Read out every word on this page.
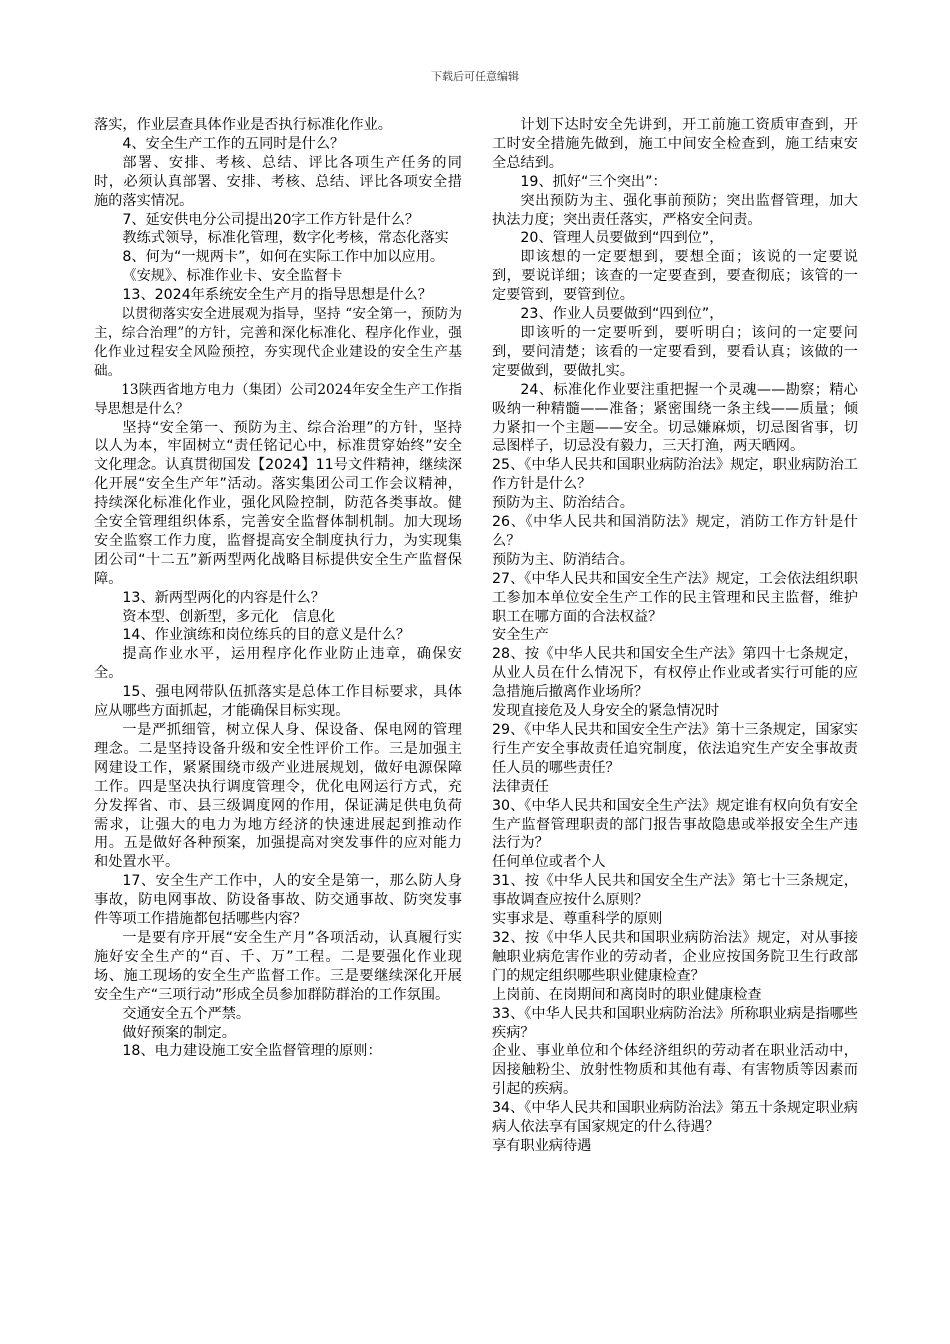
下载后可任意编辑

落实，作业层查具体作业是否执行标准化作业。

4、安全生产工作的五同时是什么？

部署、安排、考核、总结、评比各项生产任务的同时，必须认真部署、安排、考核、总结、评比各项安全措施的落实情况。

7、延安供电分公司提出20字工作方针是什么？

教练式领导，标准化管理，数字化考核，常态化落实

8、何为“一规两卡”，如何在实际工作中加以应用。

《安规》、标准作业卡、安全监督卡

13、2024年系统安全生产月的指导思想是什么？

以贯彻落实安全进展观为指导，坚持 “安全第一，预防为主，综合治理”的方针，完善和深化标准化、程序化作业，强化作业过程安全风险预控，夯实现代企业建设的安全生产基础。

13陕西省地方电力（集团）公司2024年安全生产工作指导思想是什么？

坚持“安全第一、预防为主、综合治理”的方针，坚持以人为本，牢固树立“责任铭记心中，标准贯穿始终”安全文化理念。认真贯彻国发【2024】11号文件精神，继续深化开展“安全生产年”活动。落实集团公司工作会议精神，持续深化标准化作业，强化风险控制，防范各类事故。健全安全管理组织体系，完善安全监督体制机制。加大现场安全监察工作力度，监督提高安全制度执行力，为实现集团公司“十二五”新两型两化战略目标提供安全生产监督保障。

13、新两型两化的内容是什么？

资本型、创新型，多元化　信息化

14、作业演练和岗位练兵的目的意义是什么？

提高作业水平，运用程序化作业防止违章，确保安全。

15、强电网带队伍抓落实是总体工作目标要求，具体应从哪些方面抓起，才能确保目标实现。

一是严抓细管，树立保人身、保设备、保电网的管理理念。二是坚持设备升级和安全性评价工作。三是加强主网建设工作，紧紧围绕市级产业进展规划，做好电源保障工作。四是坚决执行调度管理令，优化电网运行方式，充分发挥省、市、县三级调度网的作用，保证满足供电负荷需求，让强大的电力为地方经济的快速进展起到推动作用。五是做好各种预案，加强提高对突发事件的应对能力和处置水平。

17、安全生产工作中，人的安全是第一，那么防人身事故，防电网事故、防设备事故、防交通事故、防突发事件等项工作措施都包括哪些内容？

一是要有序开展“安全生产月”各项活动，认真履行实施好安全生产的“百、千、万”工程。二是要强化作业现场、施工现场的安全生产监督工作。三是要继续深化开展安全生产“三项行动”形成全员参加群防群治的工作氛围。

交通安全五个严禁。

做好预案的制定。

18、电力建设施工安全监督管理的原则：

计划下达时安全先讲到，开工前施工资质审查到，开工时安全措施先做到，施工中间安全检查到，施工结束安全总结到。

19、抓好“三个突出”：

突出预防为主、强化事前预防；突出监督管理，加大执法力度；突出责任落实，严格安全问责。

20、管理人员要做到“四到位”，

即该想的一定要想到，要想全面；该说的一定要说到，要说详细；该查的一定要查到，要查彻底；该管的一定要管到，要管到位。

23、作业人员要做到“四到位”，

即该听的一定要听到，要听明白；该问的一定要问到，要问清楚；该看的一定要看到，要看认真；该做的一定要做到，要做扎实。

24、标准化作业要注重把握一个灵魂——勘察；精心吸纳一种精髓——准备；紧密围绕一条主线——质量；倾力紧扣一个主题——安全。切忌嫌麻烦，切忌图省事，切忌图样子，切忌没有毅力，三天打渔，两天晒网。

25、《中华人民共和国职业病防治法》规定，职业病防治工作方针是什么？

预防为主、防治结合。

26、《中华人民共和国消防法》规定，消防工作方针是什么？

预防为主、防消结合。

27、《中华人民共和国安全生产法》规定，工会依法组织职工参加本单位安全生产工作的民主管理和民主监督，维护职工在哪方面的合法权益？

安全生产

28、按《中华人民共和国安全生产法》第四十七条规定，从业人员在什么情况下，有权停止作业或者实行可能的应急措施后撤离作业场所？

发现直接危及人身安全的紧急情况时

29、《中华人民共和国安全生产法》第十三条规定，国家实行生产安全事故责任追究制度，依法追究生产安全事故责任人员的哪些责任？

法律责任

30、《中华人民共和国安全生产法》规定谁有权向负有安全生产监督管理职责的部门报告事故隐患或举报安全生产违法行为？

任何单位或者个人

31、按《中华人民共和国安全生产法》第七十三条规定，事故调查应按什么原则？

实事求是、尊重科学的原则

32、按《中华人民共和国职业病防治法》规定，对从事接触职业病危害作业的劳动者，企业应按国务院卫生行政部门的规定组织哪些职业健康检查？

上岗前、在岗期间和离岗时的职业健康检查

33、《中华人民共和国职业病防治法》所称职业病是指哪些疾病？

企业、事业单位和个体经济组织的劳动者在职业活动中，因接触粉尘、放射性物质和其他有毒、有害物质等因素而引起的疾病。

34、《中华人民共和国职业病防治法》第五十条规定职业病病人依法享有国家规定的什么待遇？

享有职业病待遇
